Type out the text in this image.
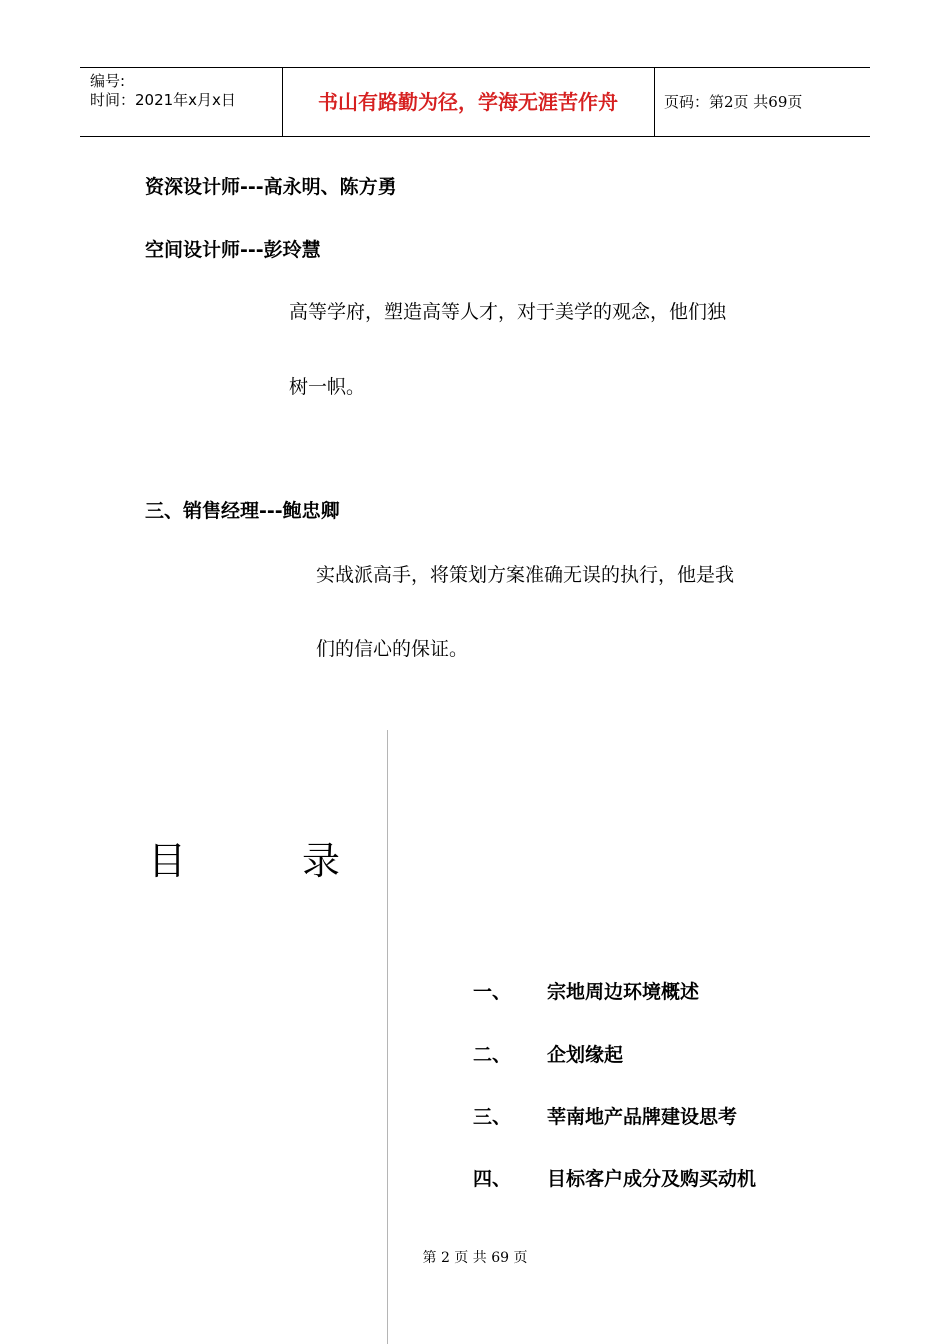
编号:
时间：2021年x月x日	书山有路勤为径，学海无涯苦作舟	页码：第2页 共69页
资深设计师---高永明、陈方勇
空间设计师---彭玲慧
高等学府，塑造高等人才，对于美学的观念，他们独
树一帜。
三、销售经理---鲍忠卿
实战派高手，将策划方案准确无误的执行，他是我
们的信心的保证。
目	录
一、 宗地周边环境概述
二、 企划缘起
三、 莘南地产品牌建设思考
四、 目标客户成分及购买动机
第 2 页 共 69 页
